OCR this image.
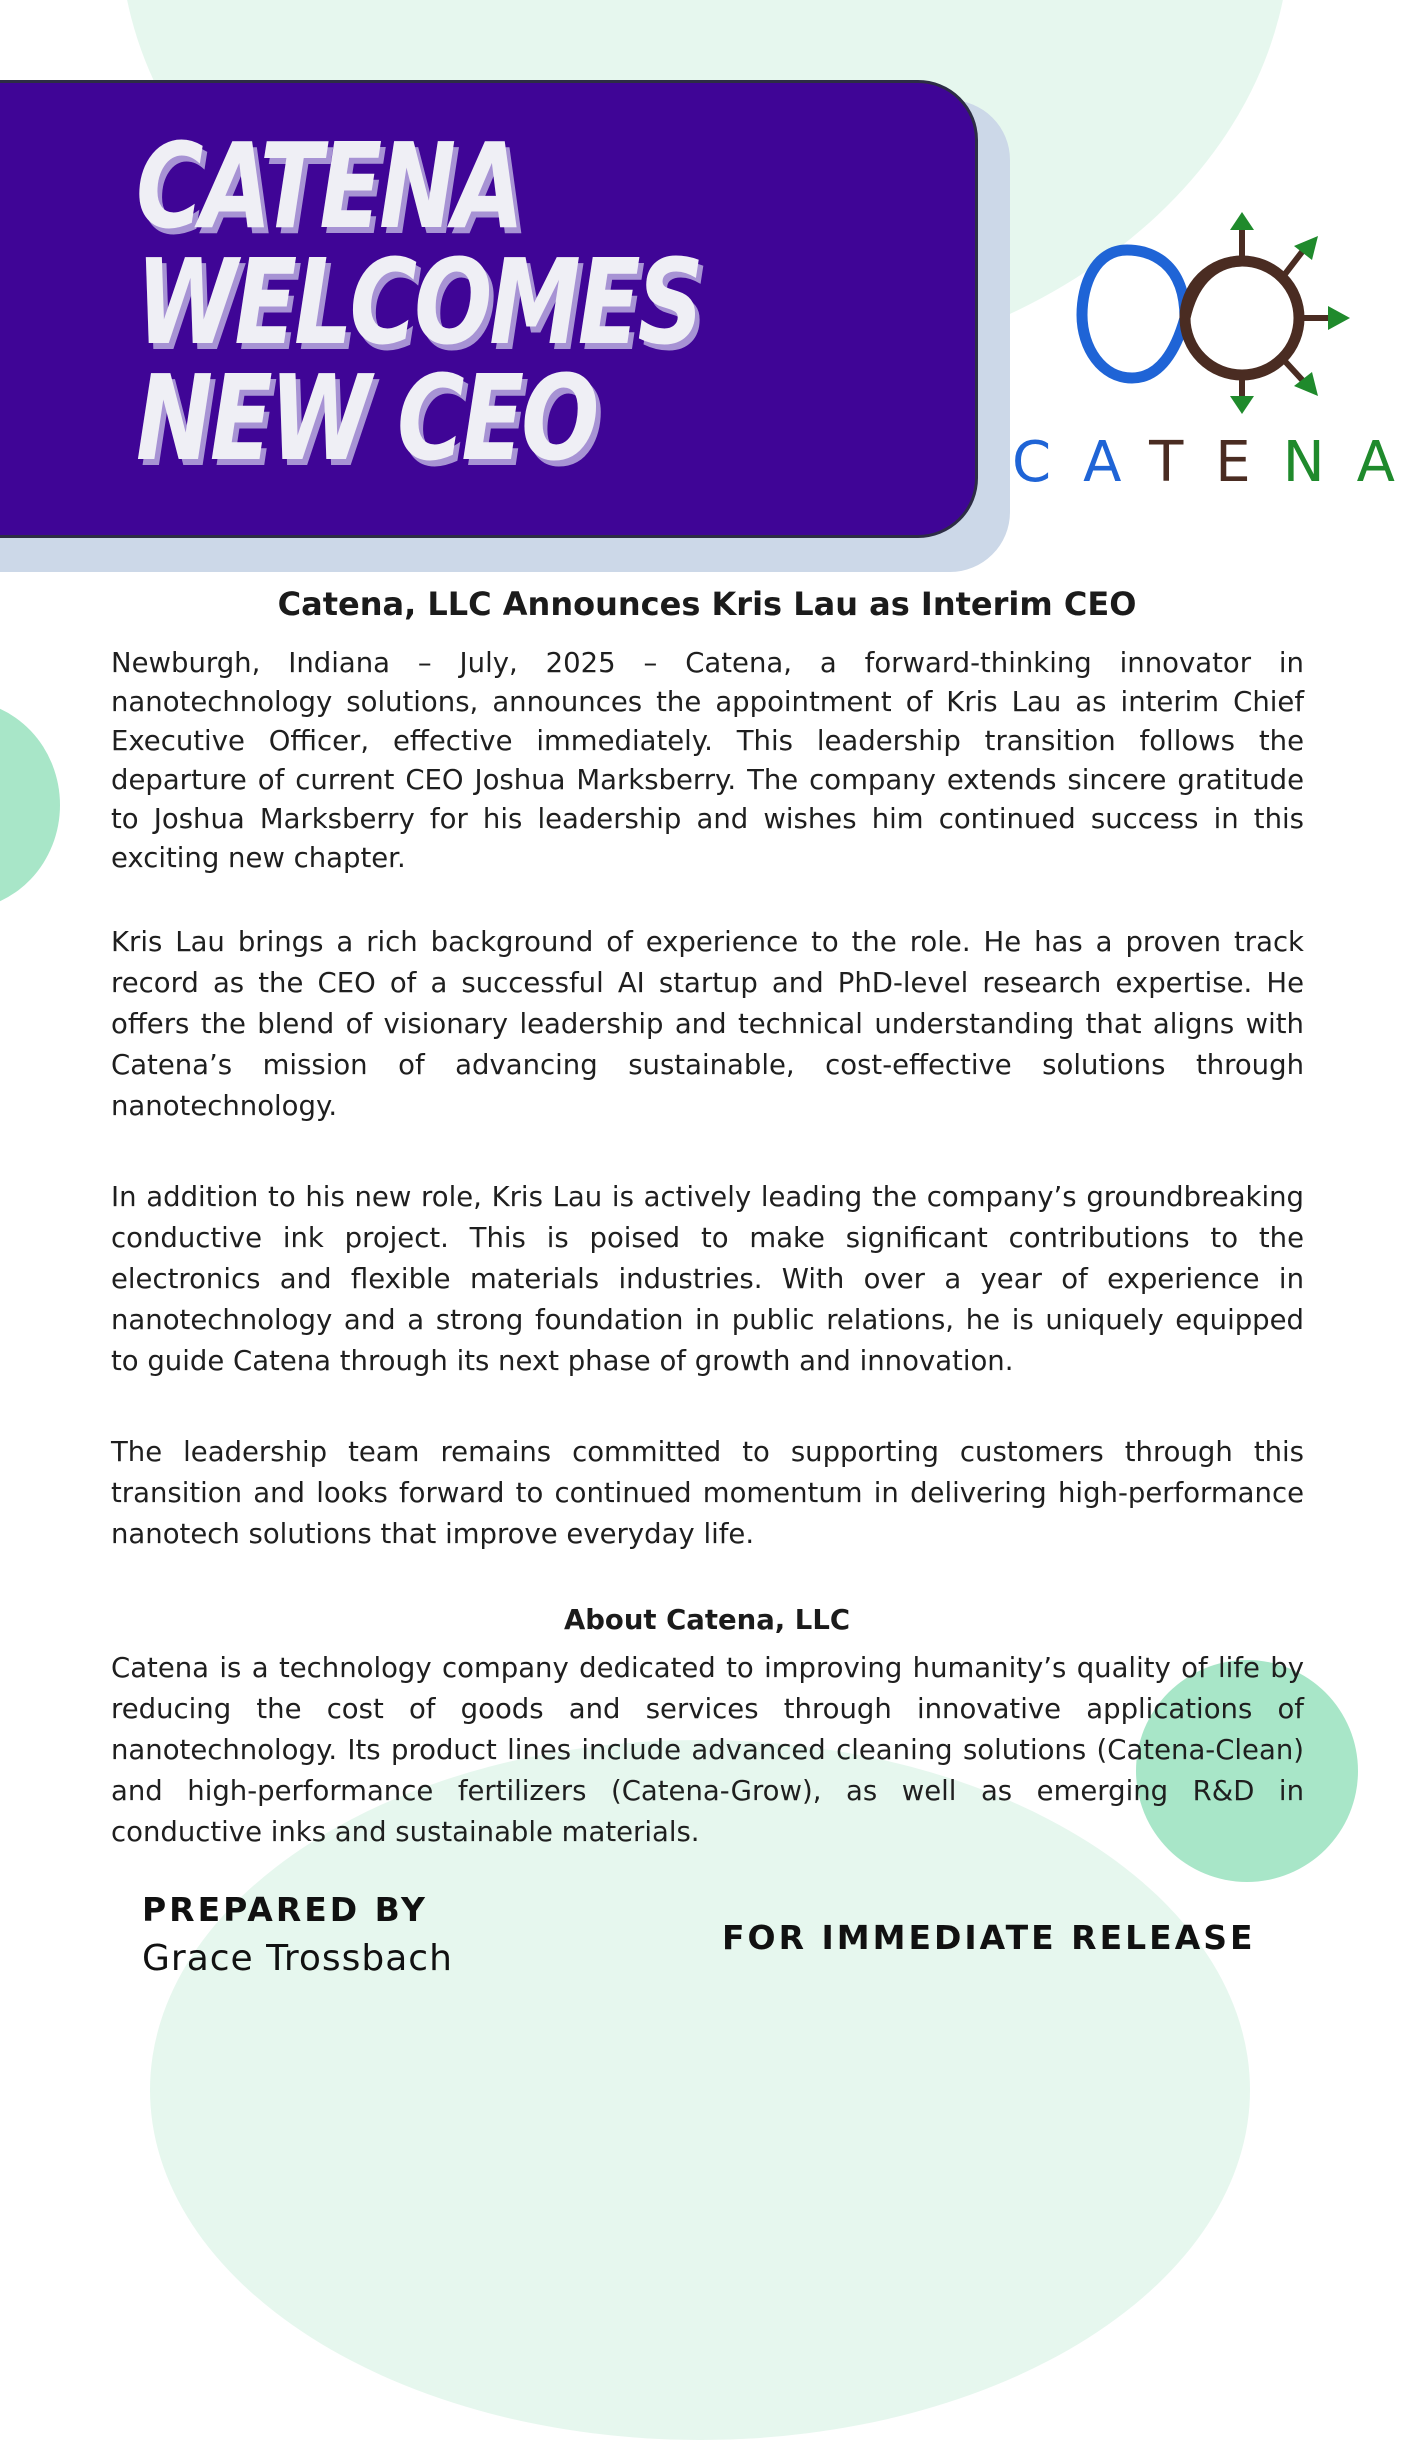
CATENA
WELCOMES
NEW CEO	CATENA
Catena, LLC Announces Kris Lau as Interim CEO

Newburgh, Indiana – July, 2025 – Catena, a forward-thinking innovator in nanotechnology solutions, announces the appointment of Kris Lau as interim Chief Executive Officer, effective immediately. This leadership transition follows the departure of current CEO Joshua Marksberry. The company extends sincere gratitude to Joshua Marksberry for his leadership and wishes him continued success in this exciting new chapter.

Kris Lau brings a rich background of experience to the role. He has a proven track record as the CEO of a successful AI startup and PhD-level research expertise. He offers the blend of visionary leadership and technical understanding that aligns with Catena’s mission of advancing sustainable, cost-effective solutions through nanotechnology.

In addition to his new role, Kris Lau is actively leading the company’s groundbreaking conductive ink project. This is poised to make significant contributions to the electronics and flexible materials industries. With over a year of experience in nanotechnology and a strong foundation in public relations, he is uniquely equipped to guide Catena through its next phase of growth and innovation.

The leadership team remains committed to supporting customers through this transition and looks forward to continued momentum in delivering high-performance nanotech solutions that improve everyday life.

About Catena, LLC

Catena is a technology company dedicated to improving humanity’s quality of life by reducing the cost of goods and services through innovative applications of nanotechnology. Its product lines include advanced cleaning solutions (Catena-Clean) and high-performance fertilizers (Catena-Grow), as well as emerging R&D in conductive inks and sustainable materials.

PREPARED BY
Grace Trossbach
FOR IMMEDIATE RELEASE
